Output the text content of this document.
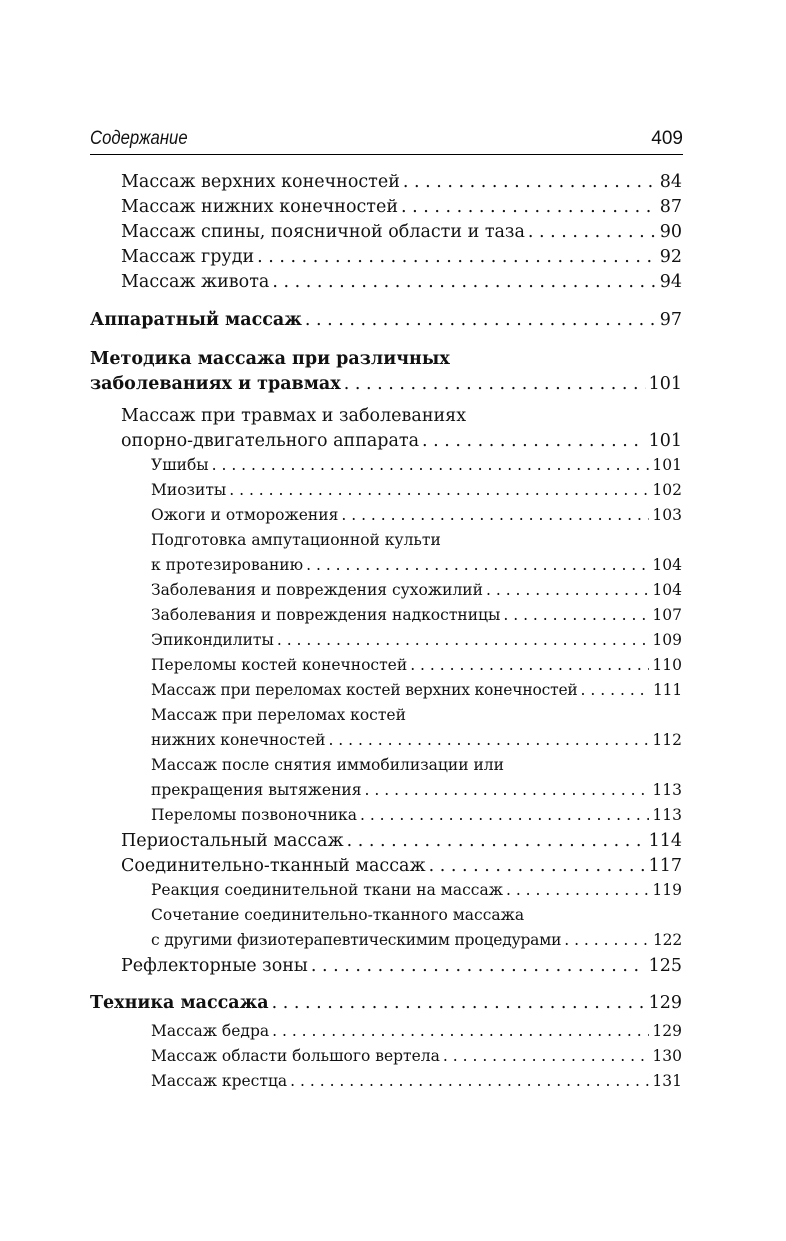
Содержание	409
Массаж верхних конечностей . . .	84
Массаж нижних конечностей . . .	87
Массаж спины, поясничной области и таза . . .	90
Массаж груди . . .	92
Массаж живота . . .	94
Аппаратный массаж . . .	97
Методика массажа при различных
заболеваниях и травмах . . .	101
Массаж при травмах и заболеваниях
опорно-двигательного аппарата . . .	101
Ушибы . . .	101
Миозиты . . .	102
Ожоги и отморожения . . .	103
Подготовка ампутационной культи
к протезированию . . .	104
Заболевания и повреждения сухожилий . . .	104
Заболевания и повреждения надкостницы . . .	107
Эпикондилиты . . .	109
Переломы костей конечностей . . .	110
Массаж при переломах костей верхних конечностей . . .	111
Массаж при переломах костей
нижних конечностей . . .	112
Массаж после снятия иммобилизации или
прекращения вытяжения . . .	113
Переломы позвоночника . . .	113
Периостальный массаж . . .	114
Соединительно-тканный массаж . . .	117
Реакция соединительной ткани на массаж . . .	119
Сочетание соединительно-тканного массажа
с другими физиотерапевтическимим процедурами . . .	122
Рефлекторные зоны . . .	125
Техника массажа . . .	129
Массаж бедра . . .	129
Массаж области большого вертела . . .	130
Массаж крестца . . .	131
